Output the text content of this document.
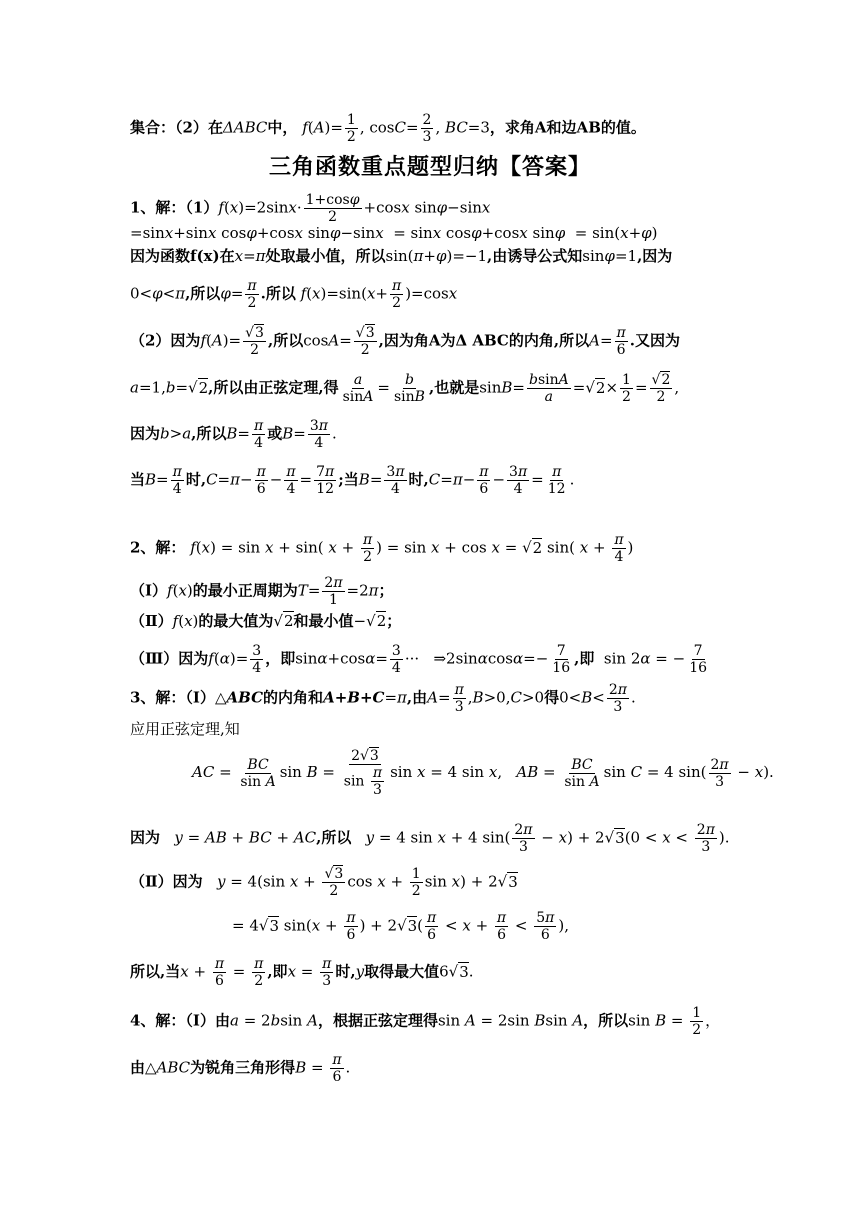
集合：（2）在ΔABC中， $f(A)= \frac{1}{2}$ , $\cos C= \frac{2}{3}$ , BC=3，求角A和边AB的值。
三角函数重点题型归纳【答案】
1、解：$(1)f(x)=2\sin x\cdot \frac{1+\cos\varphi}{2} +\cos x$ sinφ−sinx
=sinx+sinx cosφ+cosx sinφ−sinx  = sinx cosφ+cosx sinφ  = sin(x+φ)
因为函数f(x)在x=π处取最小值，所以sin(π+φ)=−1,由诱导公式知sinφ=1,因为
0<φ<π,所以$\varphi= \frac{\pi}{2}$ .所以 $f(x)=\sin(x+ \frac{\pi}{2} )=\cos x$
（2）因为$f(A)= \frac{√3}{2}$ ,所以$\cos A= \frac{√3}{2}$ ,因为角A为Δ ABC的内角,所以$A= \frac{\pi}{6}$ .又因为
a=1,b=√2,所以由正弦定理,得 $\frac{a}{\sin A} = \frac{b}{\sin B}$ ,也就是$\sin B= \frac{bsinA}{a} =√2\times \frac{1}{2} = \frac{√2}{2}$ ,
因为b>a,所以$B= \frac{\pi}{4}$ 或$B= \frac{3\pi}{4}$ .
当$B= \frac{\pi}{4}$ 时$,C=\pi- \frac{\pi}{6} - \frac{\pi}{4} = \frac{7\pi}{12}$ ;当$B= \frac{3\pi}{4}$ 时$,C=\pi- \frac{\pi}{6} - \frac{3\pi}{4} = \frac{\pi}{12}$ .
2、解： f(x) = sin x + sin( $x + \frac{\pi}{2}$ ) = sin x + cos x = √2 sin( $x + \frac{\pi}{4}$ )
（Ⅰ）f(x)的最小正周期为$T= \frac{2\pi}{1} =2\pi$；
（Ⅱ）f(x)的最大值为√2和最小值−√2；
（Ⅲ）因为$f(\alpha)= \frac{3}{4}$ ，即$\sin\alpha+\cos\alpha= \frac{3}{4}$ ···   ⇒2sinαcosα=− $\frac{7}{16}$ ,即  sin 2α = − $\frac{7}{16}$
3、解：（Ⅰ）△ABC的内角和A+B+C=π,由$A= \frac{\pi}{3} ,B>0,C>0$得$0<B< \frac{2\pi}{3}$ .
应用正弦定理,知
AC = $\frac{BC}{\text{sin A}}$ $\sin B = \frac{2√3}{\sin \frac{\pi}{3}}$ sin x = 4 sin x,   AB = $\frac{BC}{\text{sin A}}$ sin C = 4 $\sin( \frac{2\pi}{3} - x)$.
因为 y = AB + BC + AC,所以 y = 4 sin x + 4 $\sin( \frac{2\pi}{3} - x) + 2√3(0 < x < \frac{2\pi}{3}$ ).
（Ⅱ）因为 y = 4(sin $x + \frac{√3}{2}$ $\cos x + \frac{1}{2}$ sin x) + 2√3
= 4√3 $\sin(x + \frac{\pi}{6}$ ) + $2√3( \frac{\pi}{6} < x + \frac{\pi}{6} < \frac{5\pi}{6}$ ),
所以,当$x + \frac{\pi}{6} = \frac{\pi}{2}$ ,即$x = \frac{\pi}{3}$ 时,y取得最大值6√3.
4、解：（Ⅰ）由a = 2bsin A，根据正弦定理得sin A = 2sin Bsin A，所以$\sin B = \frac{1}{2}$ ，
由△ABC为锐角三角形得$B = \frac{\pi}{6}$ .
